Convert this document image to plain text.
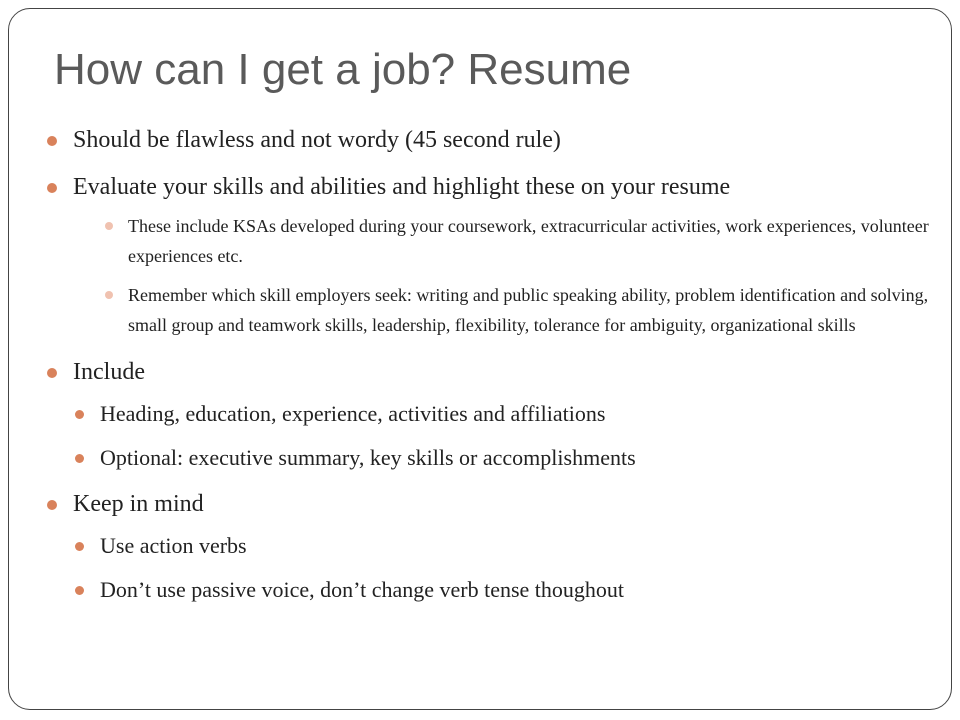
How can I get a job? Resume
Should be flawless and not wordy (45 second rule)
Evaluate your skills and abilities and highlight these on your resume
These include KSAs developed during your coursework, extracurricular activities, work experiences, volunteer experiences etc.
Remember which skill employers seek: writing and public speaking ability, problem identification and solving, small group and teamwork skills, leadership, flexibility, tolerance for ambiguity, organizational skills
Include
Heading, education, experience, activities and affiliations
Optional: executive summary, key skills or accomplishments
Keep in mind
Use action verbs
Don’t use passive voice, don’t change verb tense thoughout
